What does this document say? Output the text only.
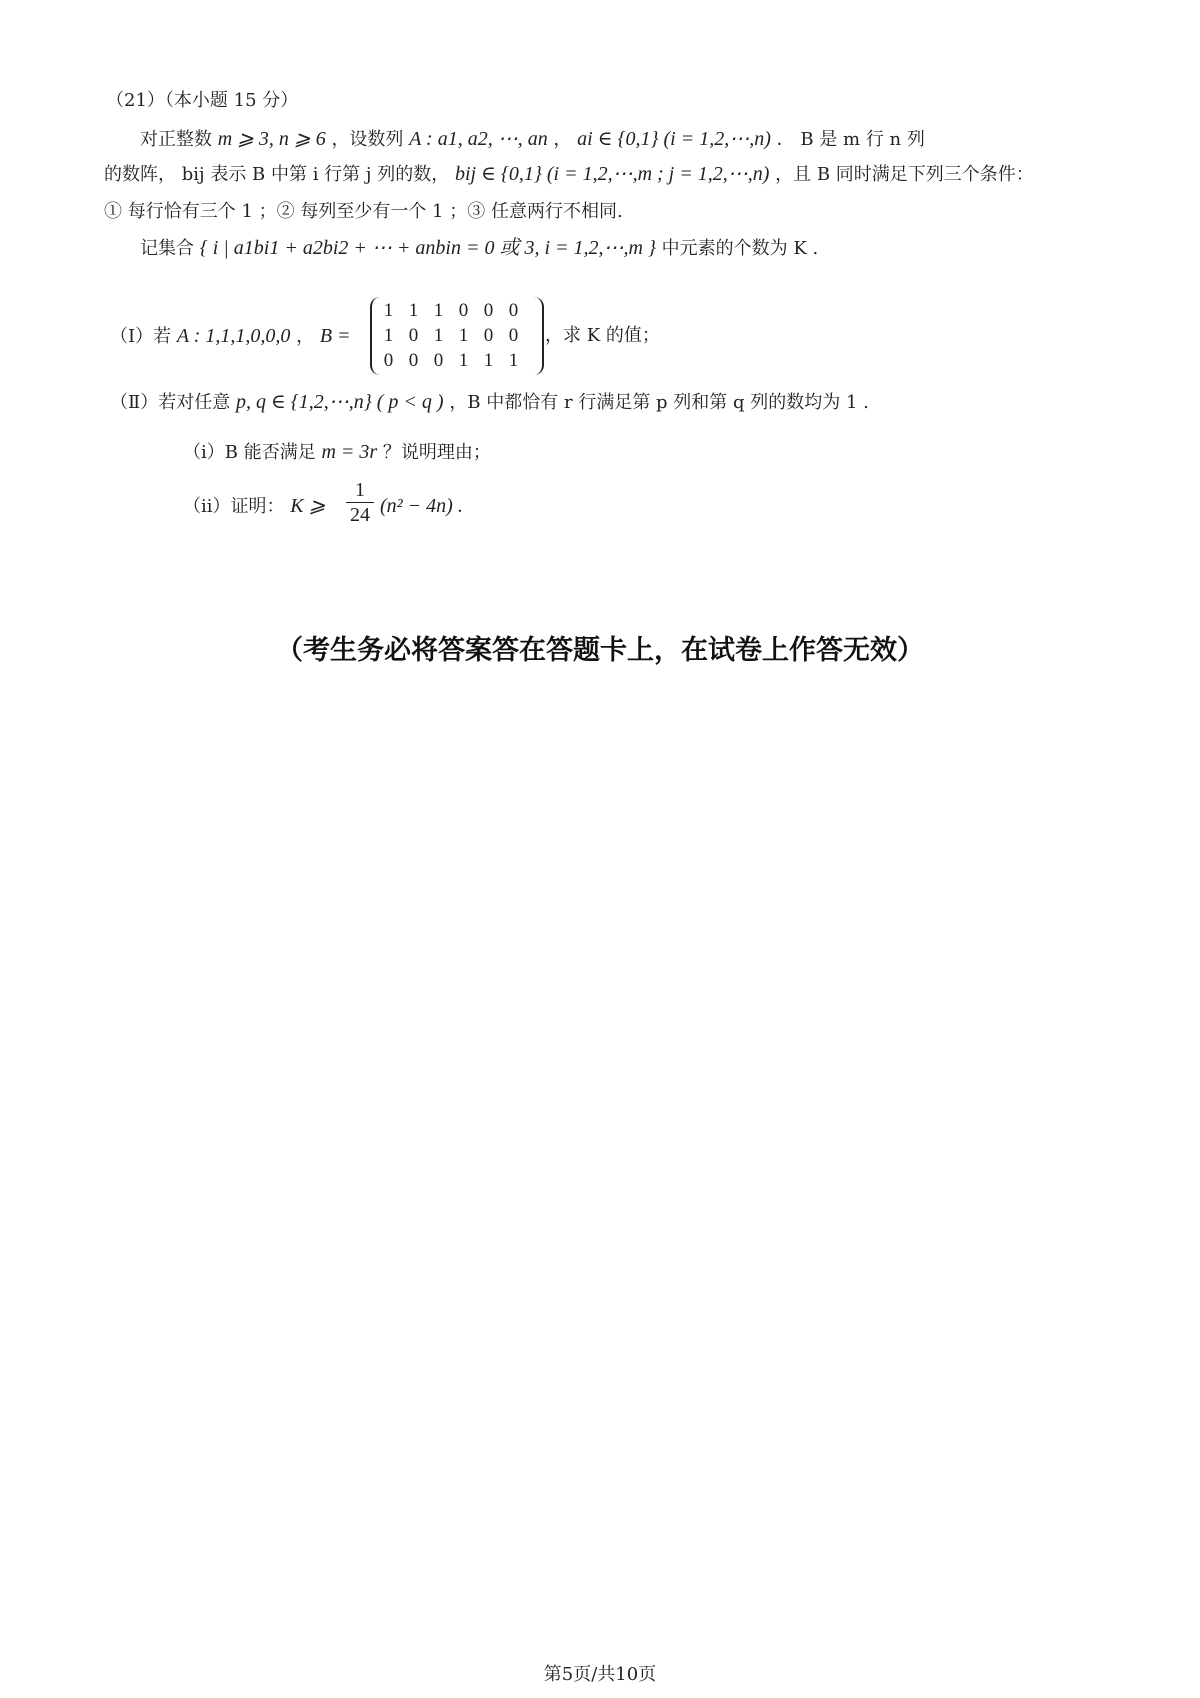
（21）（本小题 15 分）
对正整数 m ⩾ 3, n ⩾ 6 ，设数列 A : a1, a2, ⋯, an ， ai ∈ {0,1} (i = 1,2,⋯,n) ． B 是 m 行 n 列
的数阵， bij 表示 B 中第 i 行第 j 列的数， bij ∈ {0,1} (i = 1,2,⋯,m ; j = 1,2,⋯,n) ，且 B 同时满足下列三个条件：
① 每行恰有三个 1 ；② 每列至少有一个 1 ；③ 任意两行不相同.
记集合 { i | a1bi1 + a2bi2 + ⋯ + anbin = 0 或 3, i = 1,2,⋯,m } 中元素的个数为 K .
（Ⅰ）若 A : 1,1,1,0,0,0 ， B =
1	1	1	0	0	0
1	0	1	1	0	0
0	0	0	1	1	1
，求 K 的值；
（Ⅱ）若对任意 p, q ∈ {1,2,⋯,n} ( p < q ) ，B 中都恰有 r 行满足第 p 列和第 q 列的数均为 1 .
（ⅰ）B 能否满足 m = 3r ？说明理由；
（ⅱ）证明： K ⩾
1
24 (n² − 4n) .
（考生务必将答案答在答题卡上，在试卷上作答无效）
第5页/共10页
